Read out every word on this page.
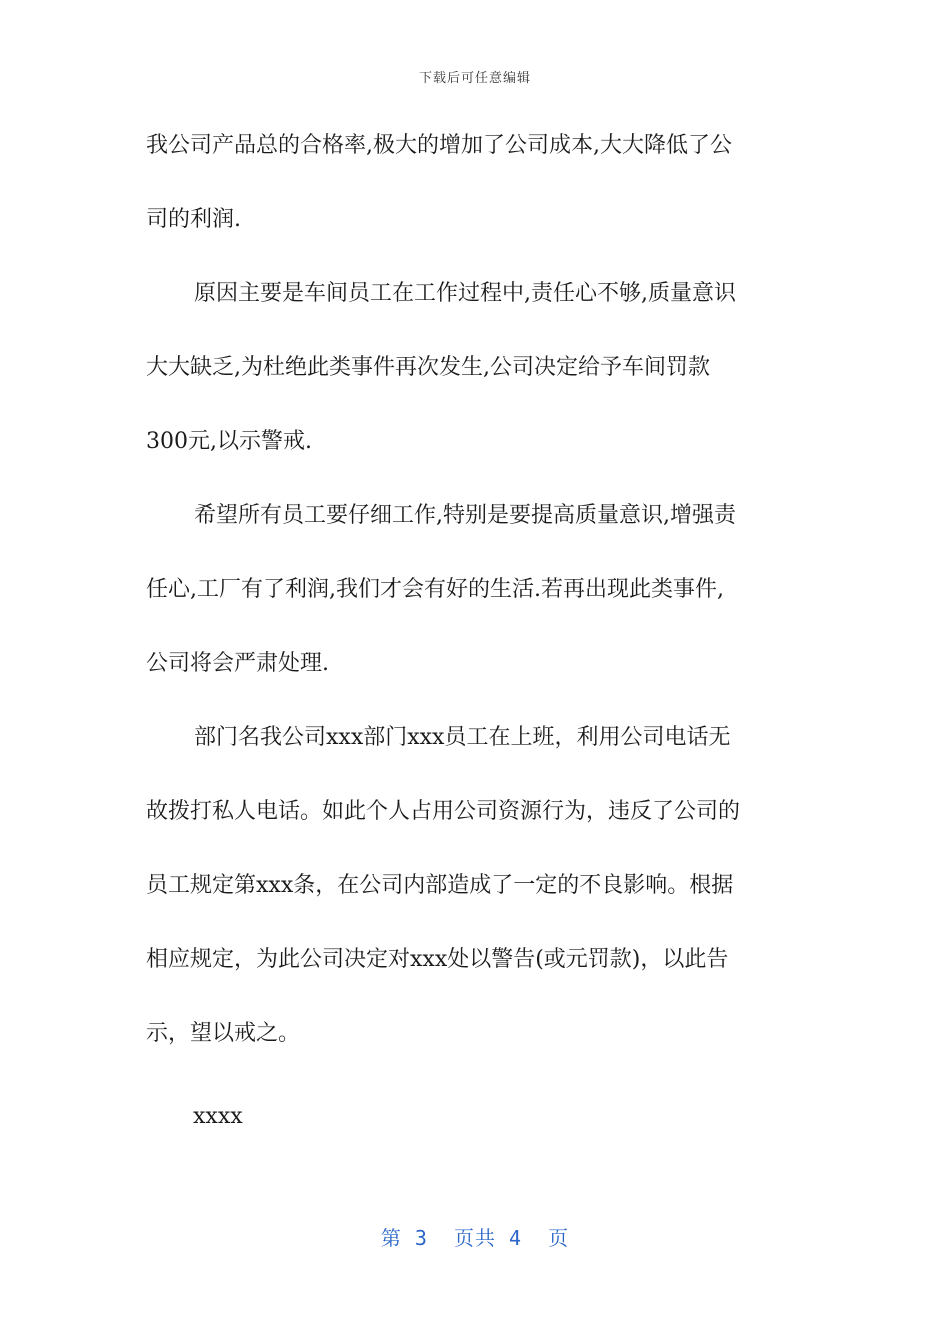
下载后可任意编辑
我公司产品总的合格率,极大的增加了公司成本,大大降低了公
司的利润.
原因主要是车间员工在工作过程中,责任心不够,质量意识
大大缺乏,为杜绝此类事件再次发生,公司决定给予车间罚款
300元,以示警戒.
希望所有员工要仔细工作,特别是要提高质量意识,增强责
任心,工厂有了利润,我们才会有好的生活.若再出现此类事件,
公司将会严肃处理.
部门名我公司xxx部门xxx员工在上班，利用公司电话无
故拨打私人电话。如此个人占用公司资源行为，违反了公司的
员工规定第xxx条，在公司内部造成了一定的不良影响。根据
相应规定，为此公司决定对xxx处以警告(或元罚款)，以此告
示，望以戒之。
xxxx
第 3  页共 4  页
